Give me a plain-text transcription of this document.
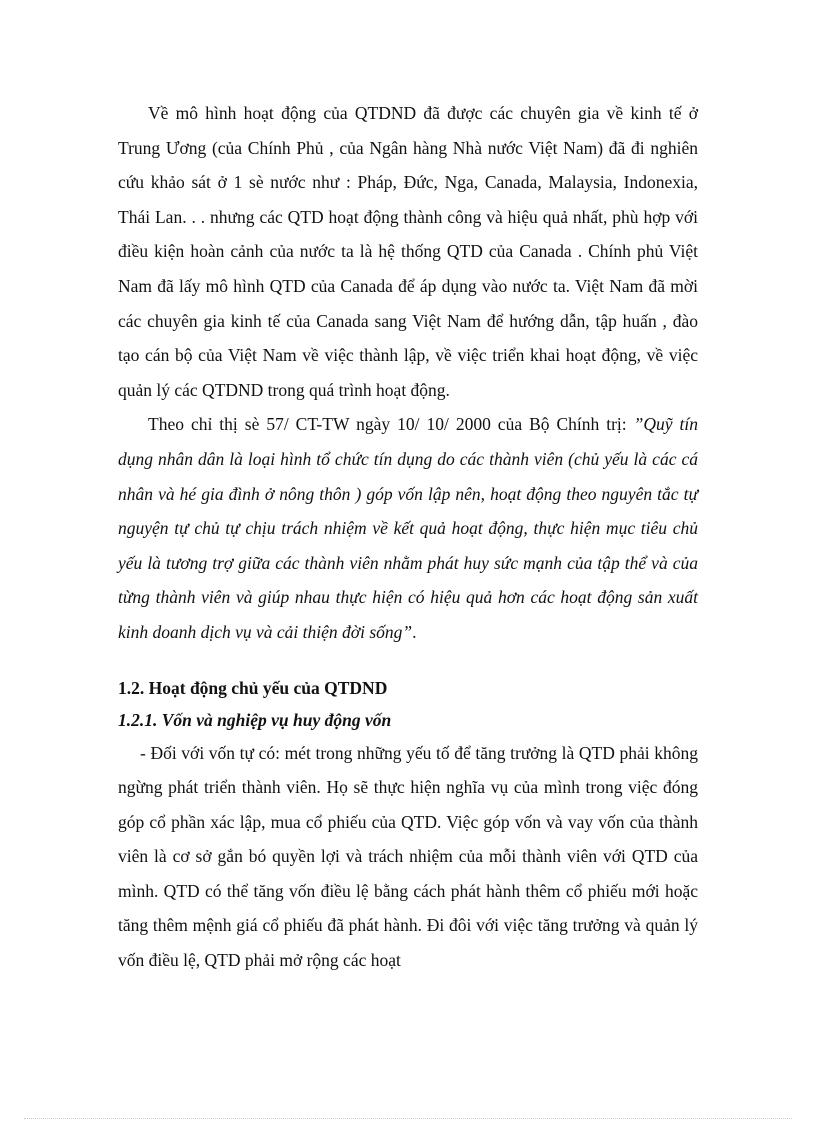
Về mô hình hoạt động của QTDND đã được các chuyên gia về kinh tế ở Trung Ương (của Chính Phủ , của Ngân hàng Nhà nước Việt Nam) đã đi nghiên cứu khảo sát ở 1 sè nước như : Pháp, Đức, Nga, Canada, Malaysia, Indonexia, Thái Lan. . . nhưng các QTD hoạt động thành công và hiệu quả nhất, phù hợp với điều kiện hoàn cảnh của nước ta là hệ thống QTD của Canada . Chính phủ Việt Nam đã lấy mô hình QTD của Canada để áp dụng vào nước ta. Việt Nam đã mời các chuyên gia kinh tế của Canada sang Việt Nam để hướng dẫn, tập huấn , đào tạo cán bộ của Việt Nam về việc thành lập, về việc triển khai hoạt động, về việc quản lý các QTDND trong quá trình hoạt động.

Theo chỉ thị sè 57/ CT-TW ngày 10/ 10/ 2000 của Bộ Chính trị: ”Quỹ tín dụng nhân dân là loại hình tổ chức tín dụng do các thành viên (chủ yếu là các cá nhân và hé gia đình ở nông thôn ) góp vốn lập nên, hoạt động theo nguyên tắc tự nguyện tự chủ tự chịu trách nhiệm về kết quả hoạt động, thực hiện mục tiêu chủ yếu là tương trợ giữa các thành viên nhằm phát huy sức mạnh của tập thể và của từng thành viên và giúp nhau thực hiện có hiệu quả hơn các hoạt động sản xuất kinh doanh dịch vụ và cải thiện đời sống”.

1.2. Hoạt động chủ yếu của QTDND
1.2.1. Vốn và nghiệp vụ huy động vốn

- Đối với vốn tự có: mét trong những yếu tố để tăng trưởng là QTD phải không ngừng phát triển thành viên. Họ sẽ thực hiện nghĩa vụ của mình trong việc đóng góp cổ phần xác lập, mua cổ phiếu của QTD. Việc góp vốn và vay vốn của thành viên là cơ sở gắn bó quyền lợi và trách nhiệm của mỗi thành viên với QTD của mình. QTD có thể tăng vốn điều lệ bằng cách phát hành thêm cổ phiếu mới hoặc tăng thêm mệnh giá cổ phiếu đã phát hành. Đi đôi với việc tăng trưởng và quản lý vốn điều lệ, QTD phải mở rộng các hoạt
